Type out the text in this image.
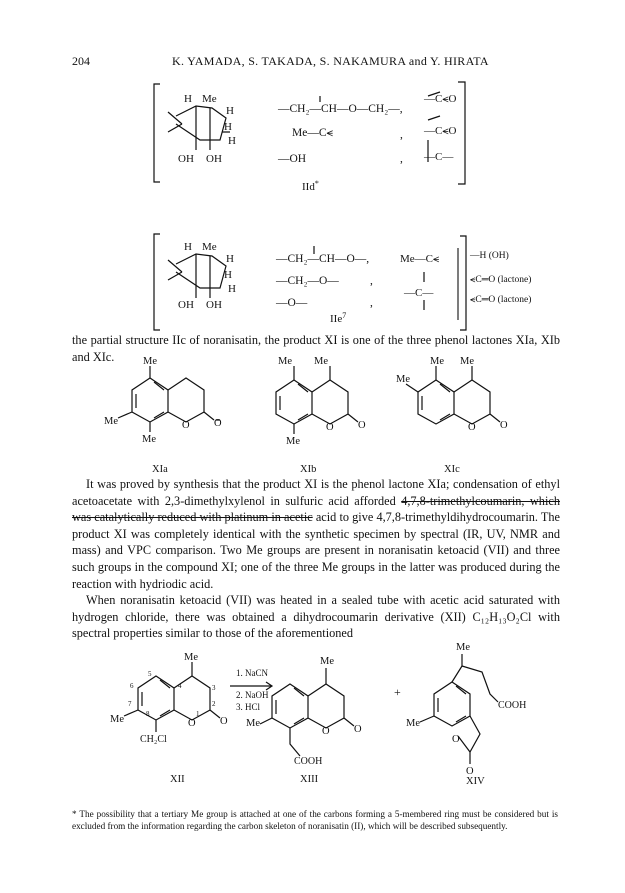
204	K. YAMADA, S. TAKADA, S. NAKAMURA and Y. HIRATA
H Me
H
H
H
OH OH
—CH₂—CH—O—CH₂—,
Me—C⪪
—OH
,
,
—C⪪O
—C⪪O
—C—
IId*
H Me
H
H
H
OH OH
—CH₂—CH—O—,
—CH₂—O—
—O—
,
,
Me—C⪪
—C—
—H (OH)
⪪C═O (lactone)
⪪C═O (lactone)
IIe$^7$
Me
Me
Me
O O
XIa
Me Me
Me
O O
XIb
Me Me
Me
O O
XIc
Me
Me
CH₂Cl
O O
5
6	4	3
7	2
8	1
XII
1. NaCN
2. NaOH
3. HCl
Me
Me
COOH
O O
XIII
+
Me
Me
COOH
O
O
XIV

the partial structure IIc of noranisatin, the product XI is one of the three phenol lactones XIa, XIb and XIc.

It was proved by synthesis that the product XI is the phenol lactone XIa; condensation of ethyl acetoacetate with 2,3-dimethylxylenol in sulfuric acid afforded 4,7,8-trimethylcoumarin, which was catalytically reduced with platinum in acetic acid to give 4,7,8-trimethyldihydrocoumarin. The product XI was completely identical with the synthetic specimen by spectral (IR, UV, NMR and mass) and VPC comparison. Two Me groups are present in noranisatin ketoacid (VII) and three such groups in the compound XI; one of the three Me groups in the latter was produced during the reaction with hydriodic acid.

When noranisatin ketoacid (VII) was heated in a sealed tube with acetic acid saturated with hydrogen chloride, there was obtained a dihydrocoumarin derivative (XII) C₁₂H₁₃O₂Cl with spectral properties similar to those of the aforementioned

* The possibility that a tertiary Me group is attached at one of the carbons forming a 5-membered ring must be considered but is excluded from the information regarding the carbon skeleton of noranisatin (II), which will be described subsequently.
